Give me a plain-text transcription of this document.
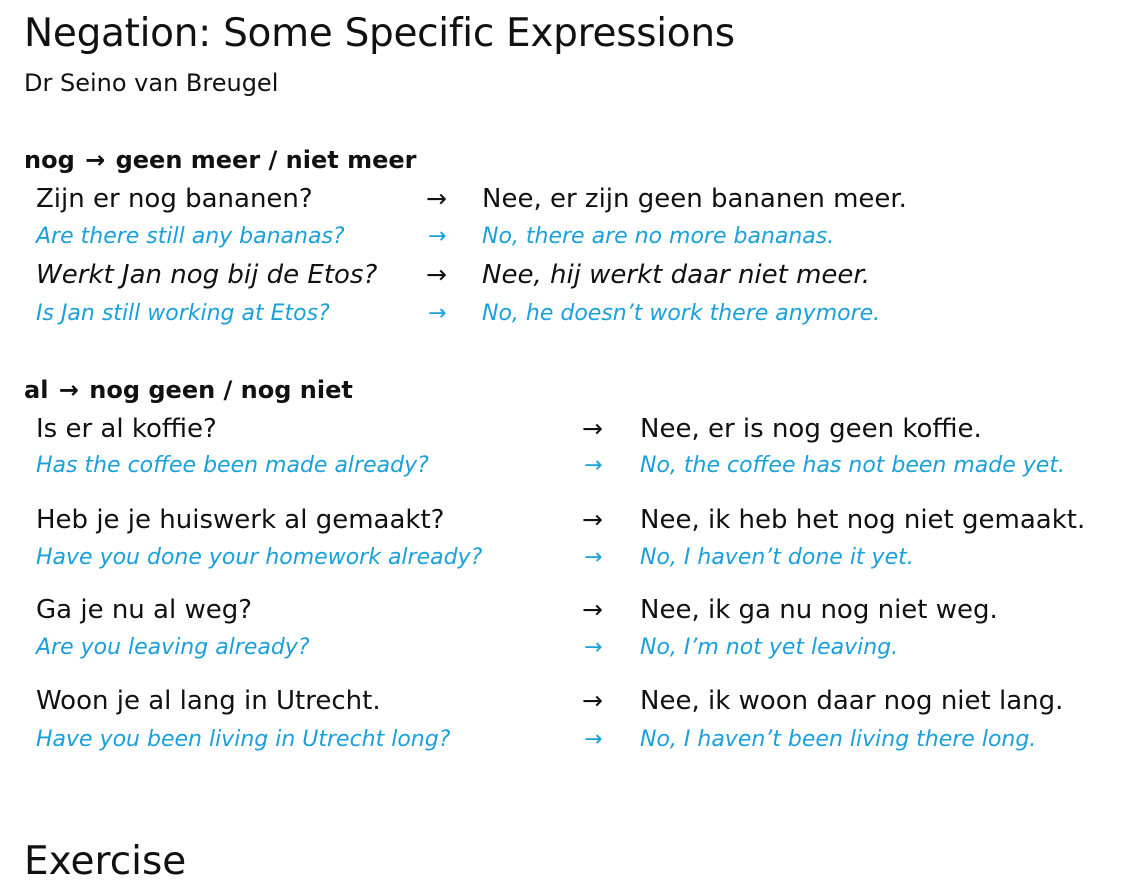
Negation: Some Specific Expressions
Dr Seino van Breugel
nog → geen meer / niet meer
Zijn er nog bananen?	→ Nee, er zijn geen bananen meer.
Are there still any bananas?	→ No, there are no more bananas.
Werkt Jan nog bij de Etos? → Nee, hij werkt daar niet meer.
Is Jan still working at Etos?	→ No, he doesn’t work there anymore.
al → nog geen / nog niet
Is er al koffie?	→ Nee, er is nog geen koffie.
Has the coffee been made already?	→ No, the coffee has not been made yet.
Heb je je huiswerk al gemaakt?	→ Nee, ik heb het nog niet gemaakt.
Have you done your homework already?	→ No, I haven’t done it yet.
Ga je nu al weg?	→ Nee, ik ga nu nog niet weg.
Are you leaving already?	→ No, I’m not yet leaving.
Woon je al lang in Utrecht.	→ Nee, ik woon daar nog niet lang.
Have you been living in Utrecht long?	→ No, I haven’t been living there long.
Exercise
